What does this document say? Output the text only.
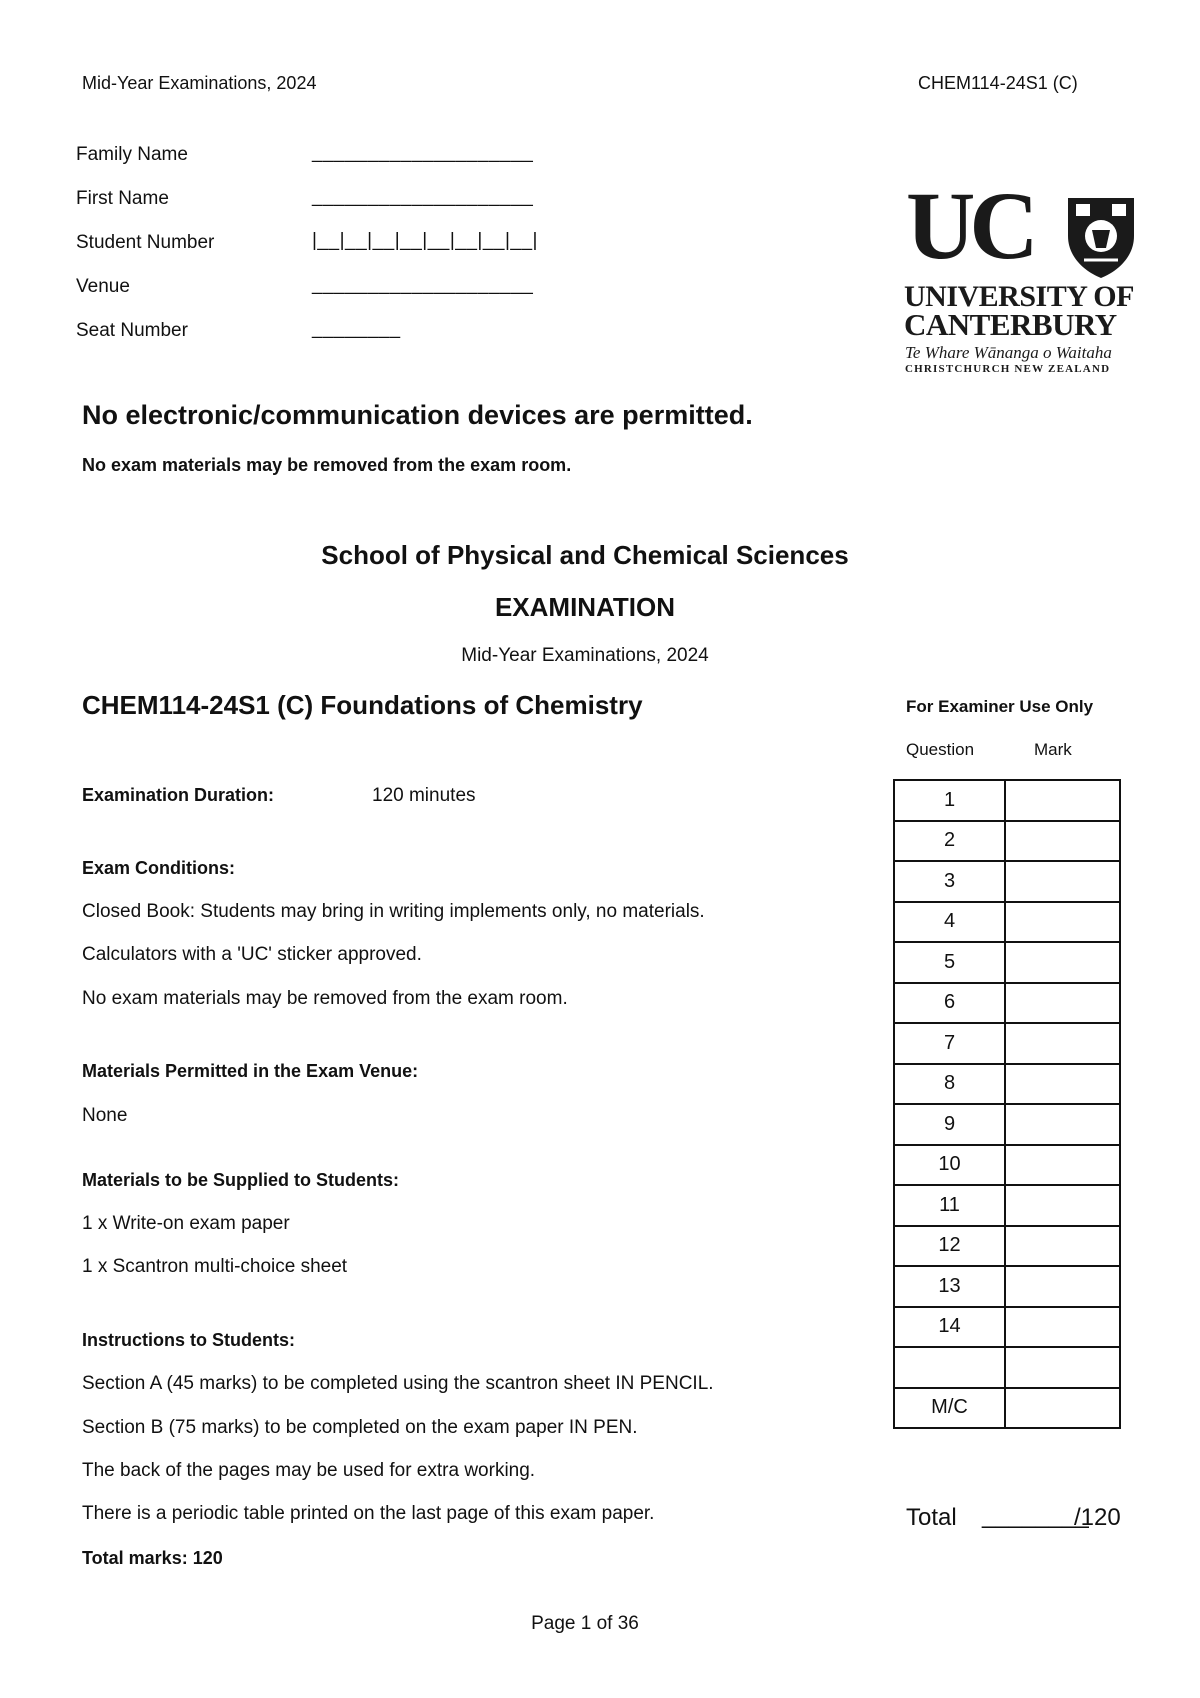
Mid-Year Examinations, 2024	CHEM114-24S1 (C)
Family Name	____________________
First Name	____________________
Student Number	|__|__|__|__|__|__|__|__|
Venue	____________________
Seat Number	________
UC
UNIVERSITY OF
CANTERBURY
Te Whare Wānanga o Waitaha
CHRISTCHURCH NEW ZEALAND
No electronic/communication devices are permitted.
No exam materials may be removed from the exam room.
School of Physical and Chemical Sciences
EXAMINATION
Mid-Year Examinations, 2024
CHEM114-24S1 (C) Foundations of Chemistry
Examination Duration:	120 minutes
Exam Conditions:
Closed Book: Students may bring in writing implements only, no materials.
Calculators with a 'UC' sticker approved.
No exam materials may be removed from the exam room.
Materials Permitted in the Exam Venue:
None
Materials to be Supplied to Students:
1 x Write-on exam paper
1 x Scantron multi-choice sheet
Instructions to Students:
Section A (45 marks) to be completed using the scantron sheet IN PENCIL.
Section B (75 marks) to be completed on the exam paper IN PEN.
The back of the pages may be used for extra working.
There is a periodic table printed on the last page of this exam paper.
Total marks: 120
For Examiner Use Only
Question	Mark
1	
2	
3	
4	
5	
6	
7	
8	
9	
10	
11	
12	
13	
14	

M/C	
Total ________
/120
Page 1 of 36
